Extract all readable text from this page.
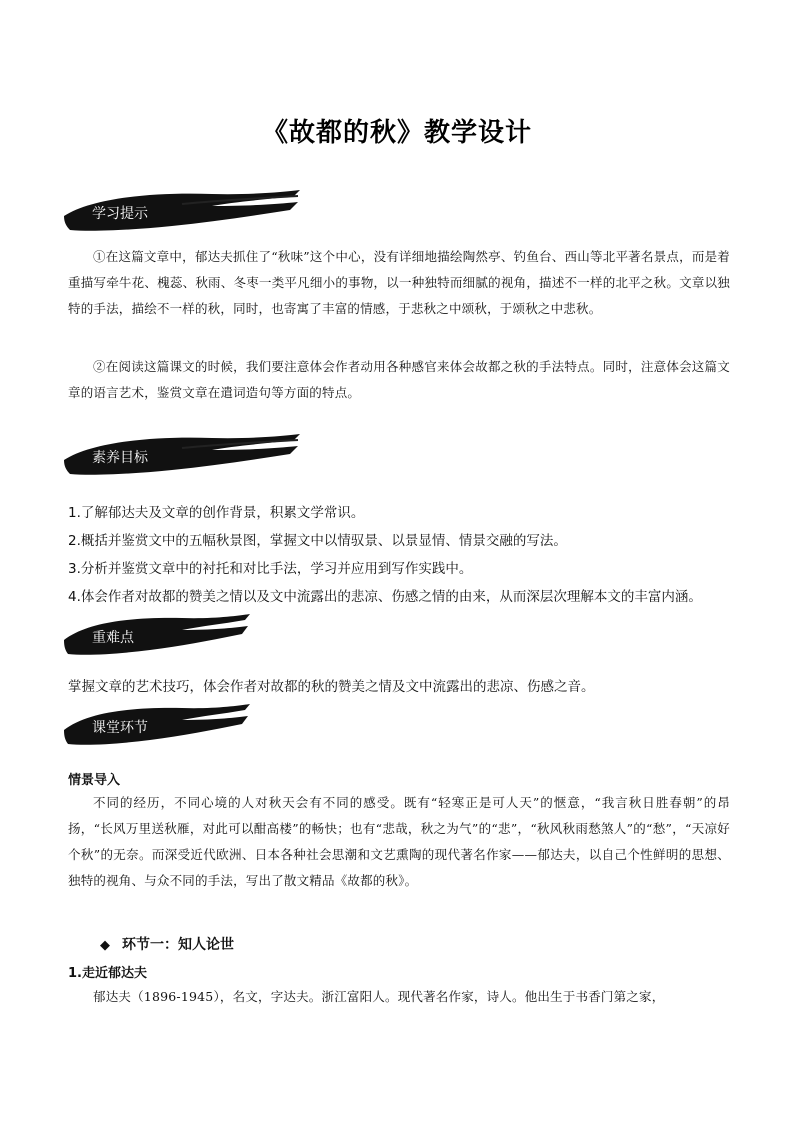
《故都的秋》教学设计
学习提示
①在这篇文章中，郁达夫抓住了“秋味”这个中心，没有详细地描绘陶然亭、钓鱼台、西山等北平著名景点，而是着重描写牵牛花、槐蕊、秋雨、冬枣一类平凡细小的事物，以一种独特而细腻的视角，描述不一样的北平之秋。文章以独特的手法，描绘不一样的秋，同时，也寄寓了丰富的情感，于悲秋之中颂秋，于颂秋之中悲秋。
②在阅读这篇课文的时候，我们要注意体会作者动用各种感官来体会故都之秋的手法特点。同时，注意体会这篇文章的语言艺术，鉴赏文章在遣词造句等方面的特点。
素养目标
1.了解郁达夫及文章的创作背景，积累文学常识。
2.概括并鉴赏文中的五幅秋景图，掌握文中以情驭景、以景显情、情景交融的写法。
3.分析并鉴赏文章中的衬托和对比手法，学习并应用到写作实践中。
4.体会作者对故都的赞美之情以及文中流露出的悲凉、伤感之情的由来，从而深层次理解本文的丰富内涵。
重难点
掌握文章的艺术技巧，体会作者对故都的秋的赞美之情及文中流露出的悲凉、伤感之音。
课堂环节
情景导入
不同的经历，不同心境的人对秋天会有不同的感受。既有“轻寒正是可人天”的惬意，“我言秋日胜春朝”的昂扬，“长风万里送秋雁，对此可以酣高楼”的畅快；也有“悲哉，秋之为气”的“悲”，“秋风秋雨愁煞人”的“愁”，“天凉好个秋”的无奈。而深受近代欧洲、日本各种社会思潮和文艺熏陶的现代著名作家——郁达夫，以自己个性鲜明的思想、独特的视角、与众不同的手法，写出了散文精品《故都的秋》。
◆ 环节一：知人论世
1.走近郁达夫
郁达夫（1896-1945），名文，字达夫。浙江富阳人。现代著名作家，诗人。他出生于书香门第之家，
